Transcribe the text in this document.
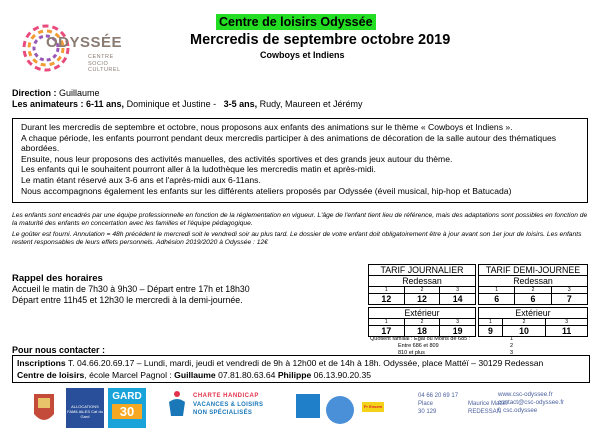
ODYSSÉE
CENTRE
SOCIO
CULTUREL
Centre de loisirs Odyssée
Mercredis de septembre octobre 2019
Cowboys et Indiens
Direction : Guillaume
Les animateurs : 6-11 ans, Dominique et Justine - 3-5 ans, Rudy, Maureen et Jérémy
Durant les mercredis de septembre et octobre, nous proposons aux enfants des animations sur le thème « Cowboys et Indiens ».
A chaque période, les enfants pourront pendant deux mercredis participer à des animations de décoration de la salle autour des thématiques abordées.
Ensuite, nous leur proposons des activités manuelles, des activités sportives et des grands jeux autour du thème.
Les enfants qui le souhaitent pourront aller à la ludothèque les mercredis matin et après-midi.
Le matin étant réservé aux 3-6 ans et l'après-midi aux 6-11ans.
Nous accompagnons également les enfants sur les différents ateliers proposés par Odyssée (éveil musical, hip-hop et Batucada)

Les enfants sont encadrés par une équipe professionnelle en fonction de la réglementation en vigueur. L'âge de l'enfant tient lieu de référence, mais des adaptations sont possibles en fonction de la maturité des enfants en concertation avec les familles et l'équipe pédagogique.

Le goûter est fourni. Annulation = 48h précédent le mercredi soit le vendredi soir au plus tard. Le dossier de votre enfant doit obligatoirement être à jour avant son 1er jour de loisirs. Les enfants restent responsables de leurs effets personnels. Adhésion 2019/2020 à Odyssée : 12€

Rappel des horaires
Accueil le matin de 7h30 à 9h30 – Départ entre 17h et 18h30
Départ entre 11h45 et 12h30 le mercredi à la demi-journée.
TARIF JOURNALIER		
Redessan		
1	2	3
12	12	14
TARIF DEMI-JOURNEE		
Redessan		
1	2	3
6	6	7
Extérieur		
1	2	3
17	18	19
Extérieur		
1	2	3
9	10	11
Quotient familial : Egal ou Moins de 685 :	1
Entre 686 et 809	2
810 et plus	3
Pour nous contacter :
Inscriptions T. 04.66.20.69.17 – Lundi, mardi, jeudi et vendredi de 9h à 12h00 et de 14h à 18h. Odyssée, place Mattéï – 30129 Redessan
Centre de loisirs, école Marcel Pagnol : Guillaume 07.81.80.63.64 Philippe 06.13.90.20.35
ALLOCATIONS FAMILIALES Caf du Gard
GARD
30
CHARTE HANDICAP
VACANCES & LOISIRS
NON SPÉCIALISÉS
Fr Ensem
04 66 20 69 17
Place	Maurice Mattéï
30 129	REDESSAN
www.csc-odyssee.fr
contact@csc-odyssee.fr
f: csc.odyssee
